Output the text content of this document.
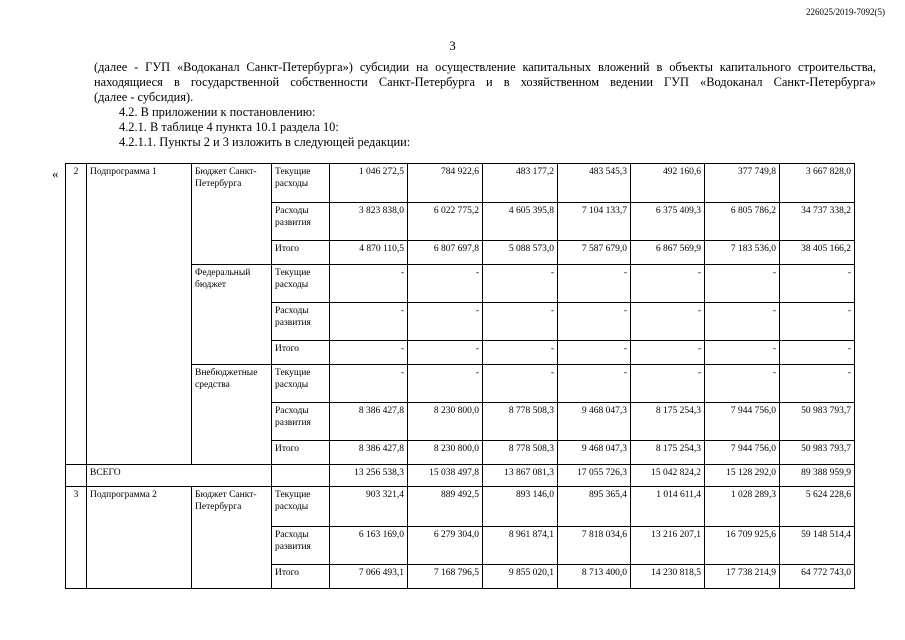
226025/2019-7092(5)
3
(далее - ГУП «Водоканал Санкт-Петербурга») субсидии на осуществление капитальных вложений в объекты капитального строительства,
находящиеся в государственной собственности Санкт-Петербурга и в хозяйственном ведении ГУП «Водоканал Санкт-Петербурга»
(далее - субсидия).
4.2. В приложении к постановлению:
4.2.1. В таблице 4 пункта 10.1 раздела 10:
4.2.1.1. Пункты 2 и 3 изложить в следующей редакции:
« 2	Подпрограмма 1	Бюджет Санкт-Петербурга	Текущие расходы	1 046 272,5	784 922,6	483 177,2	483 545,3	492 160,6	377 749,8	3 667 828,0
			Расходы развития	3 823 838,0	6 022 775,2	4 605 395,8	7 104 133,7	6 375 409,3	6 805 786,2	34 737 338,2
			Итого	4 870 110,5	6 807 697,8	5 088 573,0	7 587 679,0	6 867 569,9	7 183 536,0	38 405 166,2
		Федеральный бюджет	Текущие расходы	-	-	-	-	-	-	-
			Расходы развития	-	-	-	-	-	-	-
			Итого	-	-	-	-	-	-	-
		Внебюджетные средства	Текущие расходы	-	-	-	-	-	-	-
			Расходы развития	8 386 427,8	8 230 800,0	8 778 508,3	9 468 047,3	8 175 254,3	7 944 756,0	50 983 793,7
			Итого	8 386 427,8	8 230 800,0	8 778 508,3	9 468 047,3	8 175 254,3	7 944 756,0	50 983 793,7
	ВСЕГО			13 256 538,3	15 038 497,8	13 867 081,3	17 055 726,3	15 042 824,2	15 128 292,0	89 388 959,9
3	Подпрограмма 2	Бюджет Санкт-Петербурга	Текущие расходы	903 321,4	889 492,5	893 146,0	895 365,4	1 014 611,4	1 028 289,3	5 624 228,6
			Расходы развития	6 163 169,0	6 279 304,0	8 961 874,1	7 818 034,6	13 216 207,1	16 709 925,6	59 148 514,4
			Итого	7 066 493,1	7 168 796,5	9 855 020,1	8 713 400,0	14 230 818,5	17 738 214,9	64 772 743,0
